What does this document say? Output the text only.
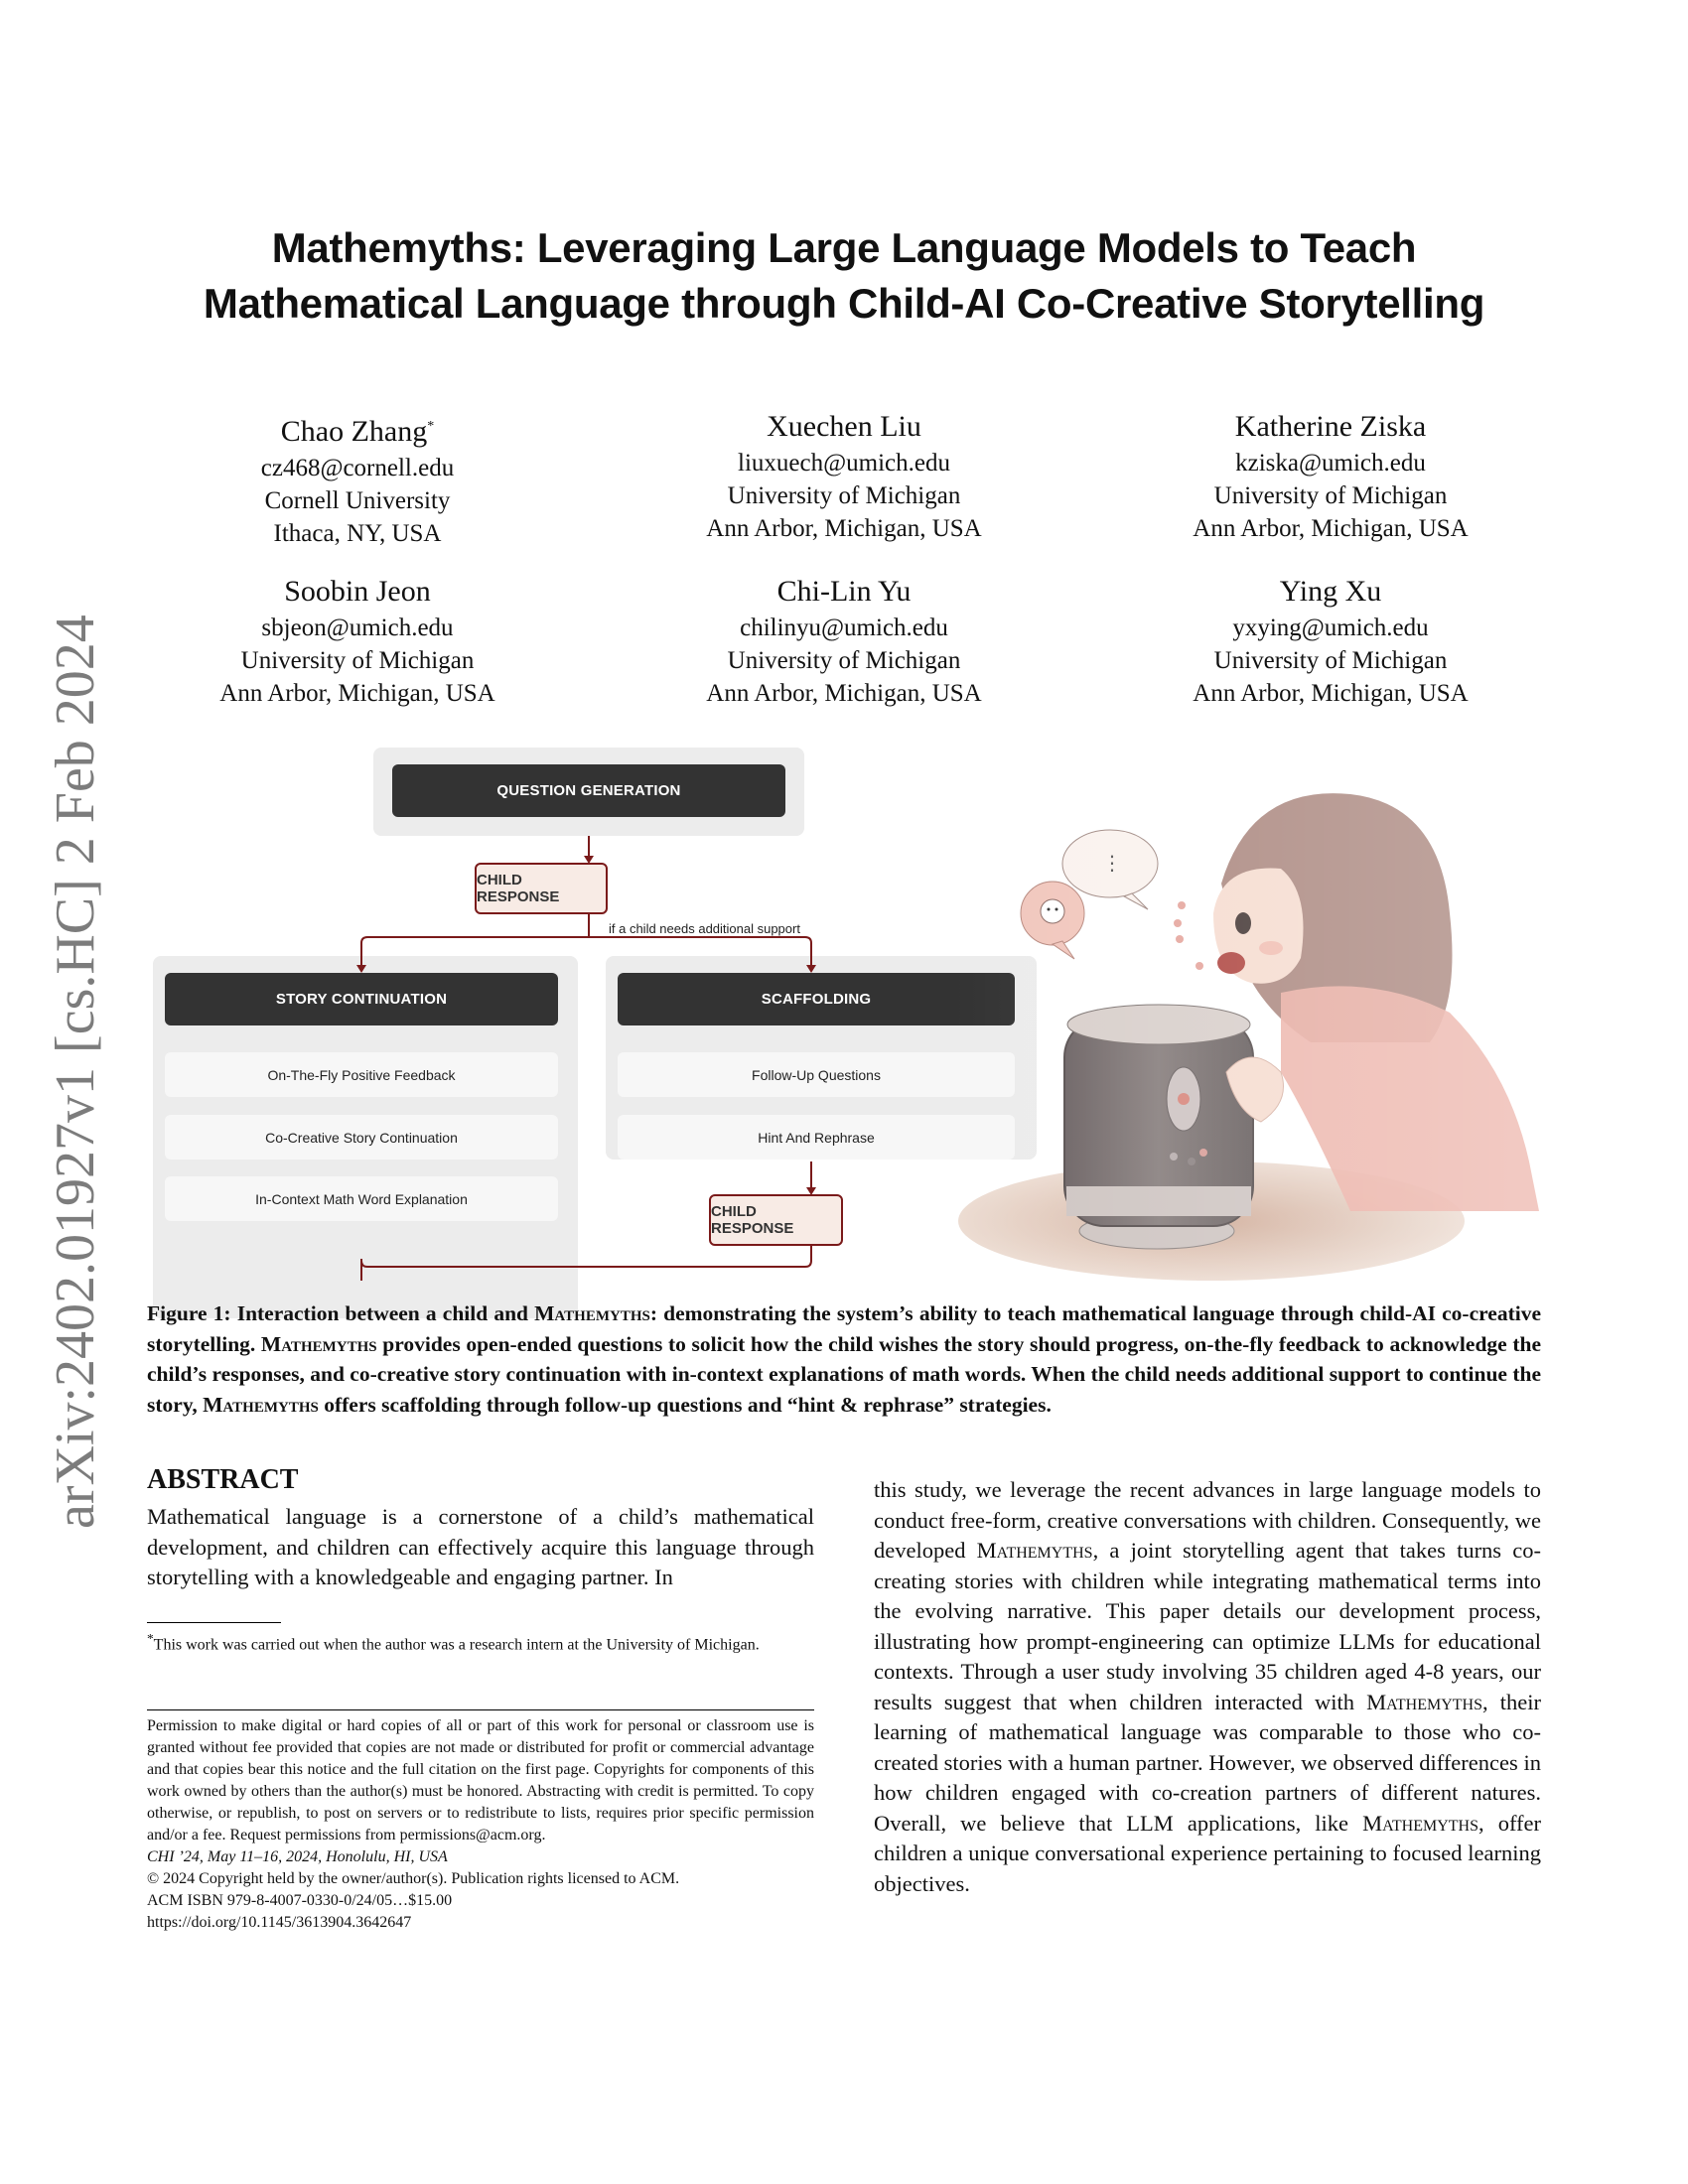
arXiv:2402.01927v1 [cs.HC] 2 Feb 2024
Mathemyths: Leveraging Large Language Models to Teach Mathematical Language through Child-AI Co-Creative Storytelling
Chao Zhang*
cz468@cornell.edu
Cornell University
Ithaca, NY, USA
Xuechen Liu
liuxuech@umich.edu
University of Michigan
Ann Arbor, Michigan, USA
Katherine Ziska
kziska@umich.edu
University of Michigan
Ann Arbor, Michigan, USA
Soobin Jeon
sbjeon@umich.edu
University of Michigan
Ann Arbor, Michigan, USA
Chi-Lin Yu
chilinyu@umich.edu
University of Michigan
Ann Arbor, Michigan, USA
Ying Xu
yxying@umich.edu
University of Michigan
Ann Arbor, Michigan, USA
QUESTION GENERATION
CHILD RESPONSE
if a child needs additional support
STORY CONTINUATION
On-The-Fly Positive Feedback
Co-Creative Story Continuation
In-Context Math Word Explanation
SCAFFOLDING
Follow-Up Questions
Hint And Rephrase
CHILD RESPONSE
⋮
Figure 1: Interaction between a child and Mathemyths: demonstrating the system’s ability to teach mathematical language through child-AI co-creative storytelling. Mathemyths provides open-ended questions to solicit how the child wishes the story should progress, on-the-fly feedback to acknowledge the child’s responses, and co-creative story continuation with in-context explanations of math words. When the child needs additional support to continue the story, Mathemyths offers scaffolding through follow-up questions and “hint & rephrase” strategies.
ABSTRACT
Mathematical language is a cornerstone of a child’s mathematical development, and children can effectively acquire this language through storytelling with a knowledgeable and engaging partner. In
*This work was carried out when the author was a research intern at the University of Michigan.
Permission to make digital or hard copies of all or part of this work for personal or classroom use is granted without fee provided that copies are not made or distributed for profit or commercial advantage and that copies bear this notice and the full citation on the first page. Copyrights for components of this work owned by others than the author(s) must be honored. Abstracting with credit is permitted. To copy otherwise, or republish, to post on servers or to redistribute to lists, requires prior specific permission and/or a fee. Request permissions from permissions@acm.org.
CHI ’24, May 11–16, 2024, Honolulu, HI, USA
© 2024 Copyright held by the owner/author(s). Publication rights licensed to ACM.
ACM ISBN 979-8-4007-0330-0/24/05…$15.00
https://doi.org/10.1145/3613904.3642647
this study, we leverage the recent advances in large language models to conduct free-form, creative conversations with children. Consequently, we developed Mathemyths, a joint storytelling agent that takes turns co-creating stories with children while integrating mathematical terms into the evolving narrative. This paper details our development process, illustrating how prompt-engineering can optimize LLMs for educational contexts. Through a user study involving 35 children aged 4-8 years, our results suggest that when children interacted with Mathemyths, their learning of mathematical language was comparable to those who co-created stories with a human partner. However, we observed differences in how children engaged with co-creation partners of different natures. Overall, we believe that LLM applications, like Mathemyths, offer children a unique conversational experience pertaining to focused learning objectives.
